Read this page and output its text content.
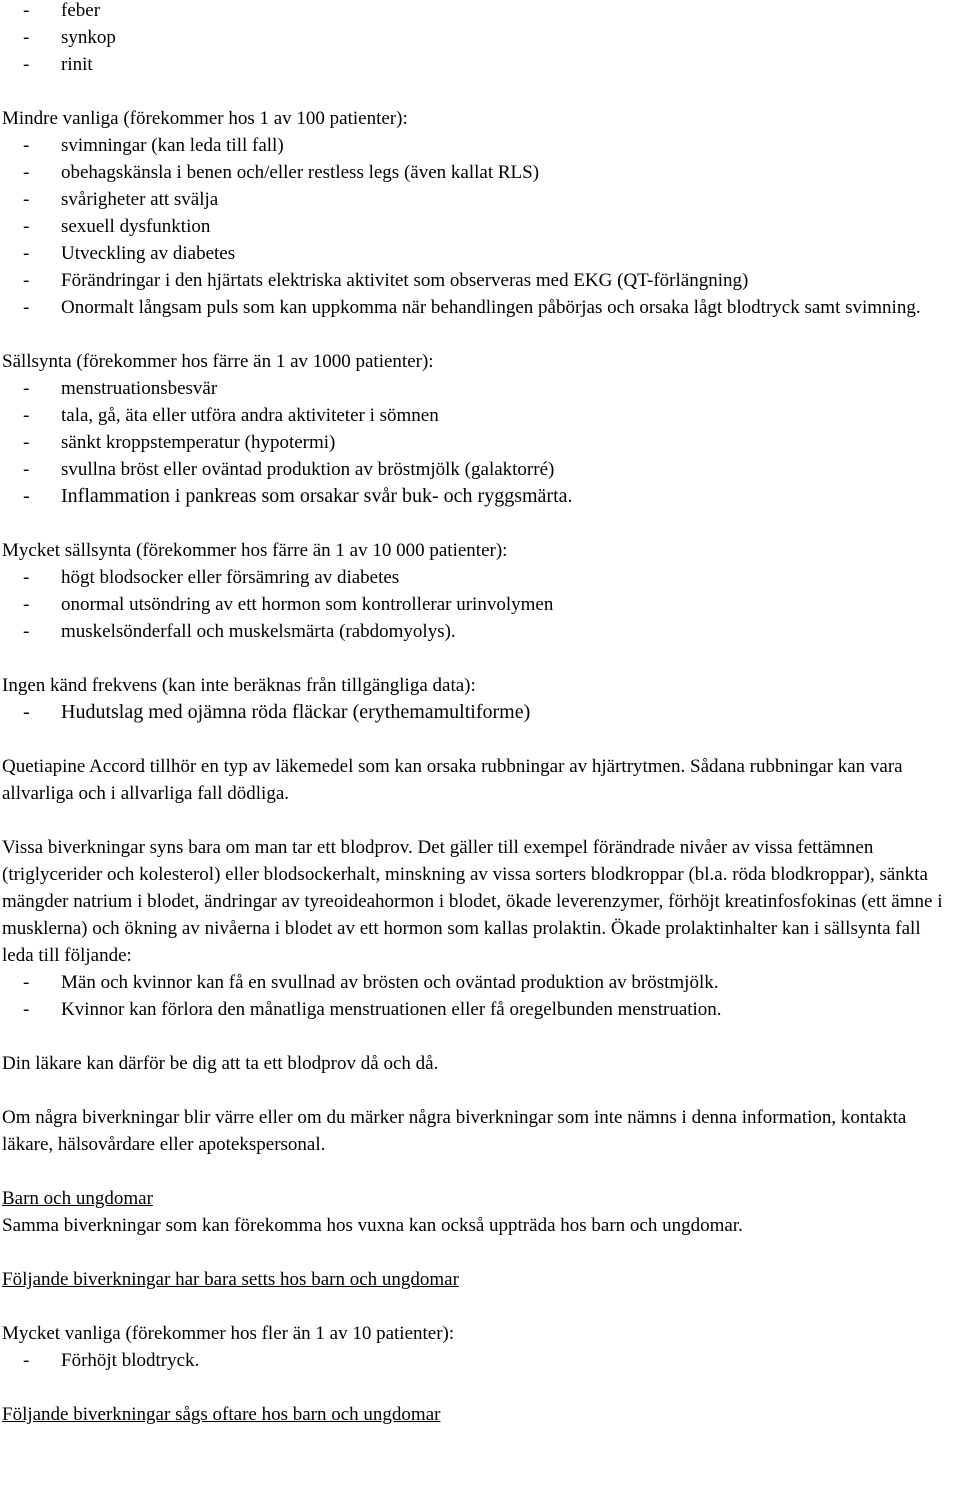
- feber
- synkop
- rinit

Mindre vanliga (förekommer hos 1 av 100 patienter):

- svimningar (kan leda till fall)
- obehagskänsla i benen och/eller restless legs (även kallat RLS)
- svårigheter att svälja
- sexuell dysfunktion
- Utveckling av diabetes
- Förändringar i den hjärtats elektriska aktivitet som observeras med EKG (QT-förlängning)
- Onormalt långsam puls som kan uppkomma när behandlingen påbörjas och orsaka lågt blodtryck samt svimning.

Sällsynta (förekommer hos färre än 1 av 1000 patienter):

- menstruationsbesvär
- tala, gå, äta eller utföra andra aktiviteter i sömnen
- sänkt kroppstemperatur (hypotermi)
- svullna bröst eller oväntad produktion av bröstmjölk (galaktorré)
- Inflammation i pankreas som orsakar svår buk- och ryggsmärta.

Mycket sällsynta (förekommer hos färre än 1 av 10 000 patienter):

- högt blodsocker eller försämring av diabetes
- onormal utsöndring av ett hormon som kontrollerar urinvolymen
- muskelsönderfall och muskelsmärta (rabdomyolys).

Ingen känd frekvens (kan inte beräknas från tillgängliga data):

- Hudutslag med ojämna röda fläckar (erythemamultiforme)

Quetiapine Accord tillhör en typ av läkemedel som kan orsaka rubbningar av hjärtrytmen. Sådana rubbningar kan vara allvarliga och i allvarliga fall dödliga.

Vissa biverkningar syns bara om man tar ett blodprov. Det gäller till exempel förändrade nivåer av vissa fettämnen (triglycerider och kolesterol) eller blodsockerhalt, minskning av vissa sorters blodkroppar (bl.a. röda blodkroppar), sänkta mängder natrium i blodet, ändringar av tyreoideahormon i blodet, ökade leverenzymer, förhöjt kreatinfosfokinas (ett ämne i musklerna) och ökning av nivåerna i blodet av ett hormon som kallas prolaktin. Ökade prolaktinhalter kan i sällsynta fall leda till följande:

- Män och kvinnor kan få en svullnad av brösten och oväntad produktion av bröstmjölk.
- Kvinnor kan förlora den månatliga menstruationen eller få oregelbunden menstruation.

Din läkare kan därför be dig att ta ett blodprov då och då.

Om några biverkningar blir värre eller om du märker några biverkningar som inte nämns i denna information, kontakta läkare, hälsovårdare eller apotekspersonal.

Barn och ungdomar

Samma biverkningar som kan förekomma hos vuxna kan också uppträda hos barn och ungdomar.

Följande biverkningar har bara setts hos barn och ungdomar

Mycket vanliga (förekommer hos fler än 1 av 10 patienter):

- Förhöjt blodtryck.

Följande biverkningar sågs oftare hos barn och ungdomar
